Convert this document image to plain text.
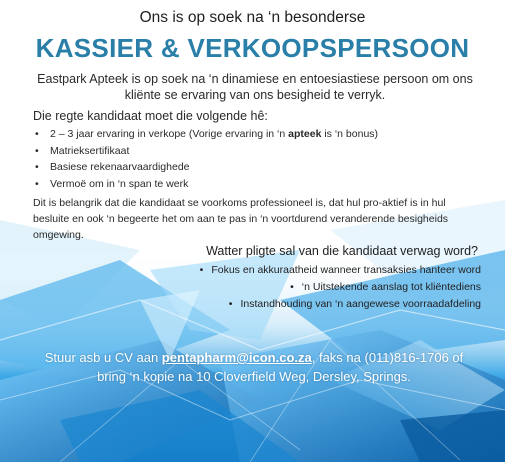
Ons is op soek na ‘n besonderse
KASSIER & VERKOOPSPERSOON
Eastpark Apteek is op soek na ‘n dinamiese en entoesiastiese persoon om ons kliënte se ervaring van ons besigheid te verryk.
Die regte kandidaat moet die volgende hê:
• 2 – 3 jaar ervaring in verkope (Vorige ervaring in ‘n apteek is ‘n bonus)
• Matrieksertifikaat
• Basiese rekenaarvaardighede
• Vermoë om in ‘n span te werk
Dit is belangrik dat die kandidaat se voorkoms professioneel is, dat hul pro-aktief is in hul besluite en ook ‘n begeerte het om aan te pas in ‘n voortdurend veranderende besigheids omgewing.
Watter pligte sal van die kandidaat verwag word?
• Fokus en akkuraatheid wanneer transaksies hanteer word
• ‘n Uitstekende aanslag tot kliëntediens
• Instandhouding van ‘n aangewese voorraadafdeling
Stuur asb u CV aan pentapharm@icon.co.za, faks na (011)816-1706 of
bring ‘n kopie na 10 Cloverfield Weg, Dersley, Springs.
